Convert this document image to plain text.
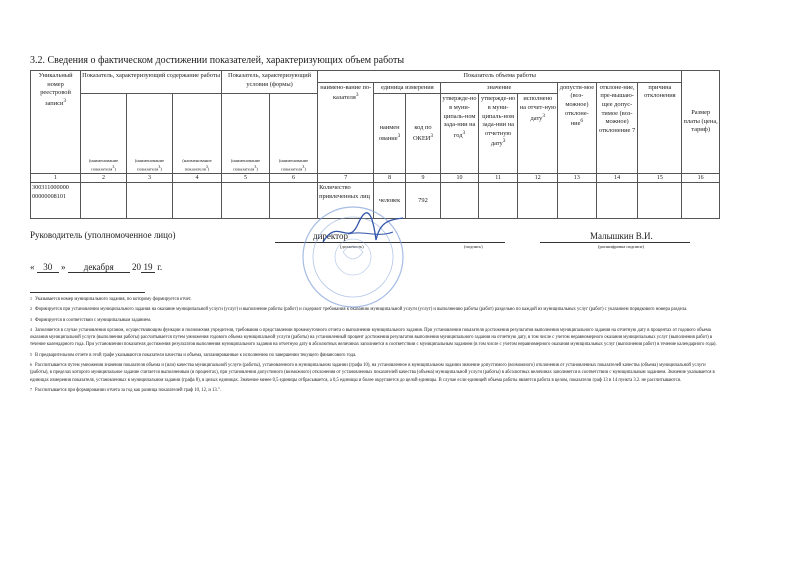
3.2. Сведения о фактическом достижении показателей, характеризующих объем работы
Уникальный номер реестровой записи$^3$	Показатель, характеризующий содержание работы			Показатель, характеризующий условия (формы)		Показатель объема работы									Размер платы (цена, тариф)
						наимено-вание по-казателя$^3$	единица измерения		значение			допусти-мое (воз-можное) отклоне-ние$^6$	отклоне-ние, пре-вышаю-щее допус-тимое (воз-можное) отклонение 7	причина отклонения	
	(наименование показателя$^3$)	(наименование показателя$^3$)	(наименование показателя$^3$)	(наименование показателя$^3$)	(наименование показателя$^3$)		наимен ование$^3$	код по ОКЕИ$^3$	утвержде-но в муни-ципаль-ном зада-нии на год$^3$	утвержде-но в муни-ципаль-ном зада-нии на отчетную дату$^3$	исполнено на отчет-ную дату$^3$
1	2	3	4	5	6	7	8	9	10	11	12	13	14	15	16
300311000000 00000008101						Количество привлеченных лиц	человек	792							
Руководитель (уполномоченное лицо)	директор
(должность)	(подпись)
Малышкин В.И.
(расшифровка подписи)
« 30 » декабря 20 19 г.
1 Указывается номер муниципального задания, по которому формируется отчет.
2 Формируется при установлении муниципального задания на оказание муниципальной услуги (услуг) и выполнение работы (работ) и содержит требования к оказанию муниципальной услуги (услуг) и выполнению работы (работ) раздельно по каждой из муниципальных услуг (работ) с указанием порядкового номера раздела.
3 Формируется в соответствии с муниципальным заданием.
4 Заполняется в случае установления органом, осуществляющим функции и полномочия учредителя, требования о представлении промежуточного отчета о выполнении муниципального задания. При установлении показателя достижения результатов выполнения муниципального задания на отчетную дату в процентах от годового объема оказания муниципальной услуги (выполнения работы) рассчитывается путем умножения годового объема муниципальной услуги (работы) на установленный процент достижения результатов выполнения муниципального задания на отчетную дату, в том числе с учетом неравномерного оказания муниципальных услуг (выполнения работ) в течение календарного года. При установлении показателя достижения результатов выполнения муниципального задания на отчетную дату в абсолютных величинах заполняется в соответствии с муниципальным заданием (в том числе с учетом неравномерного оказания муниципальных услуг (выполнения работ) в течение календарного года).
5 В предварительном отчете в этой графе указываются показатели качества и объема, запланированные к исполнению по завершении текущего финансового года.
6 Рассчитывается путем умножения значения показателя объема и (или) качества муниципальной услуги (работы), установленного в муниципальном задании (графа 10), на установленное в муниципальном задании значение допустимого (возможного) отклонения от установленных показателей качества (объема) муниципальной услуги (работы), в пределах которого муниципальное задание считается выполненным (в процентах), при установлении допустимого (возможного) отклонения от установленных показателей качества (объема) муниципальной услуги (работы) в абсолютных величинах заполняется в соответствии с муниципальным заданием. Значение указывается в единицах измерения показателя, установленных в муниципальном задании (графа 8), в целых единицах. Значение менее 0,5 единицы отбрасывается, а 0,5 единицы и более округляется до целой единицы. В случае если единицей объема работы является работа в целом, показатели граф 13 и 14 пункта 3.2. не рассчитываются.
7 Рассчитывается при формировании отчета за год как разница показателей граф 10, 12, и 13.".
